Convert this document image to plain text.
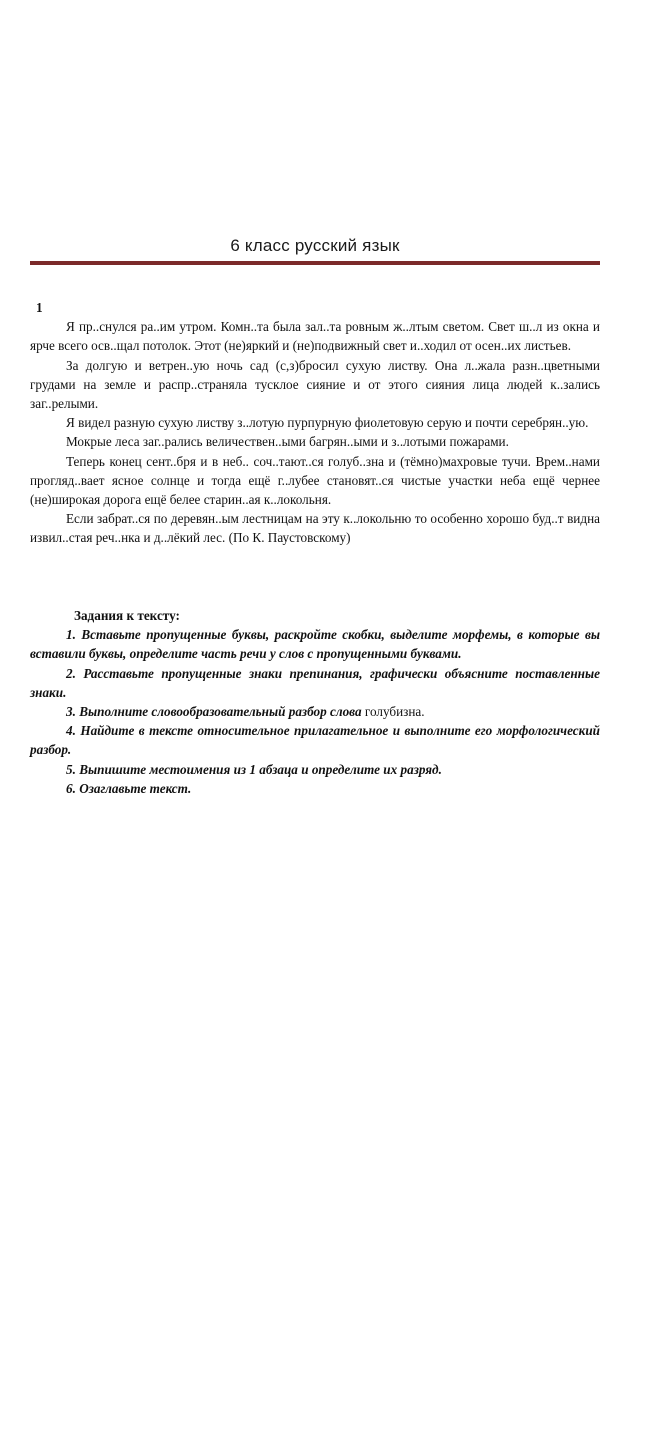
6 класс русский язык

1

Я пр..снулся ра..им утром. Комн..та была зал..та ровным ж..лтым светом. Свет ш..л из окна и ярче всего осв..щал потолок. Этот (не)яркий и (не)подвижный свет и..ходил от осен..их листьев.

За долгую и ветрен..ую ночь сад (с,з)бросил сухую листву. Она л..жала разн..цветными грудами на земле и распр..страняла тусклое сияние и от этого сияния лица людей к..зались заг..релыми.

Я видел разную сухую листву з..лотую пурпурную фиолетовую серую и почти серебрян..ую.

Мокрые леса заг..рались величествен..ыми багрян..ыми и з..лотыми пожарами.

Теперь конец сент..бря и в неб.. соч..тают..ся голуб..зна и (тёмно)махровые тучи. Врем..нами прогляд..вает ясное солнце и тогда ещё г..лубее становят..ся чистые участки неба ещё чернее (не)широкая дорога ещё белее старин..ая к..локольня.

Если забрат..ся по деревян..ым лестницам на эту к..локольню то особенно хорошо буд..т видна извил..стая реч..нка и д..лёкий лес. (По К. Паустовскому)

Задания к тексту:

1. Вставьте пропущенные буквы, раскройте скобки, выделите морфемы, в которые вы вставили буквы, определите часть речи у слов с пропущенными буквами.

2. Расставьте пропущенные знаки препинания, графически объясните поставленные знаки.

3. Выполните словообразовательный разбор слова голубизна.

4. Найдите в тексте относительное прилагательное и выполните его морфологический разбор.

5. Выпишите местоимения из 1 абзаца и определите их разряд.

6. Озаглавьте текст.
